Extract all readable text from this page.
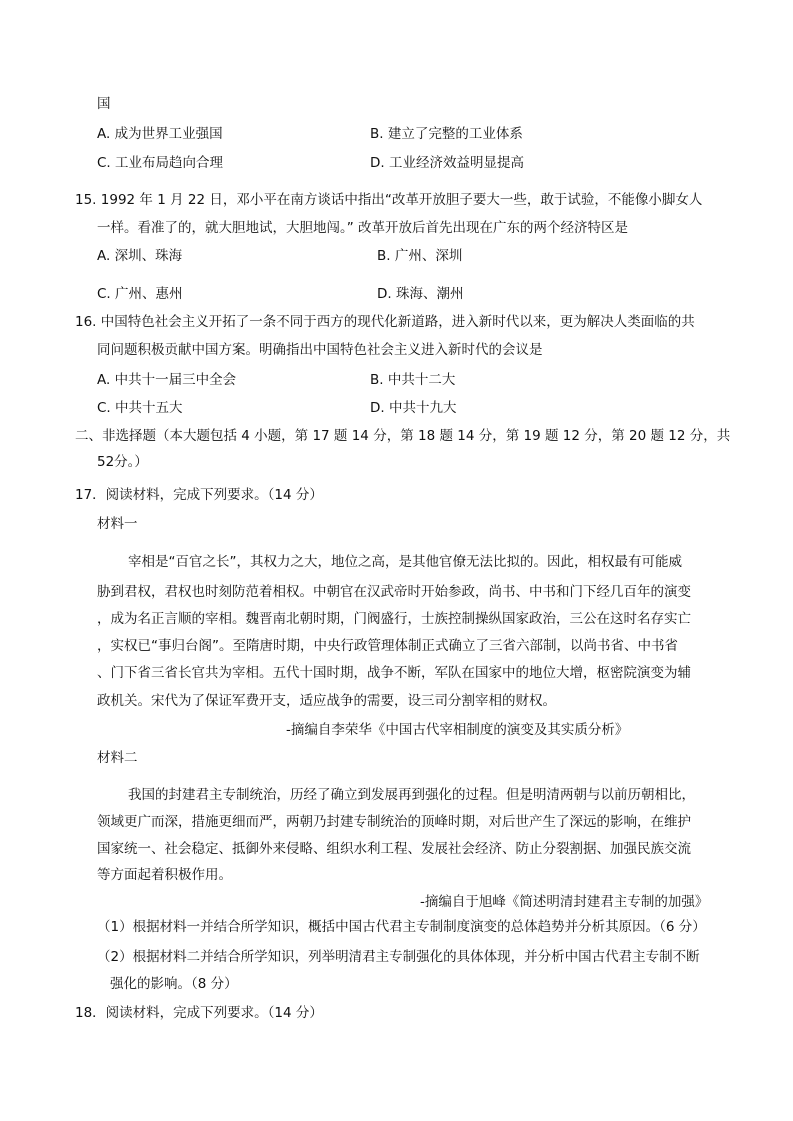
国
A. 成为世界工业强国	B. 建立了完整的工业体系
C. 工业布局趋向合理	D. 工业经济效益明显提高
15. 1992 年 1 月 22 日，邓小平在南方谈话中指出“改革开放胆子要大一些，敢于试验，不能像小脚女人
一样。看准了的，就大胆地试，大胆地闯。” 改革开放后首先出现在广东的两个经济特区是
A. 深圳、珠海	B. 广州、深圳
C. 广州、惠州	D. 珠海、潮州
16. 中国特色社会主义开拓了一条不同于西方的现代化新道路，进入新时代以来，更为解决人类面临的共
同问题积极贡献中国方案。明确指出中国特色社会主义进入新时代的会议是
A. 中共十一届三中全会	B. 中共十二大
C. 中共十五大	D. 中共十九大
二、非选择题（本大题包括 4 小题，第 17 题 14 分，第 18 题 14 分，第 19 题 12 分，第 20 题 12 分，共
52分。）
17．阅读材料，完成下列要求。（14 分）
材料一
宰相是“百官之长”，其权力之大，地位之高，是其他官僚无法比拟的。因此，相权最有可能威
胁到君权，君权也时刻防范着相权。中朝官在汉武帝时开始参政，尚书、中书和门下经几百年的演变
，成为名正言顺的宰相。魏晋南北朝时期，门阀盛行，士族控制操纵国家政治，三公在这时名存实亡
，实权已“事归台阁”。至隋唐时期，中央行政管理体制正式确立了三省六部制，以尚书省、中书省
、门下省三省长官共为宰相。五代十国时期，战争不断，军队在国家中的地位大增，枢密院演变为辅
政机关。宋代为了保证军费开支，适应战争的需要，设三司分割宰相的财权。
-摘编自李荣华《中国古代宰相制度的演变及其实质分析》
材料二
我国的封建君主专制统治，历经了确立到发展再到强化的过程。但是明清两朝与以前历朝相比，
领域更广而深，措施更细而严，两朝乃封建专制统治的顶峰时期，对后世产生了深远的影响，在维护
国家统一、社会稳定、抵御外来侵略、组织水利工程、发展社会经济、防止分裂割据、加强民族交流
等方面起着积极作用。
-摘编自于旭峰《简述明清封建君主专制的加强》
（1）根据材料一并结合所学知识，概括中国古代君主专制制度演变的总体趋势并分析其原因。（6 分）
（2）根据材料二并结合所学知识，列举明清君主专制强化的具体体现，并分析中国古代君主专制不断
强化的影响。（8 分）
18．阅读材料，完成下列要求。（14 分）
